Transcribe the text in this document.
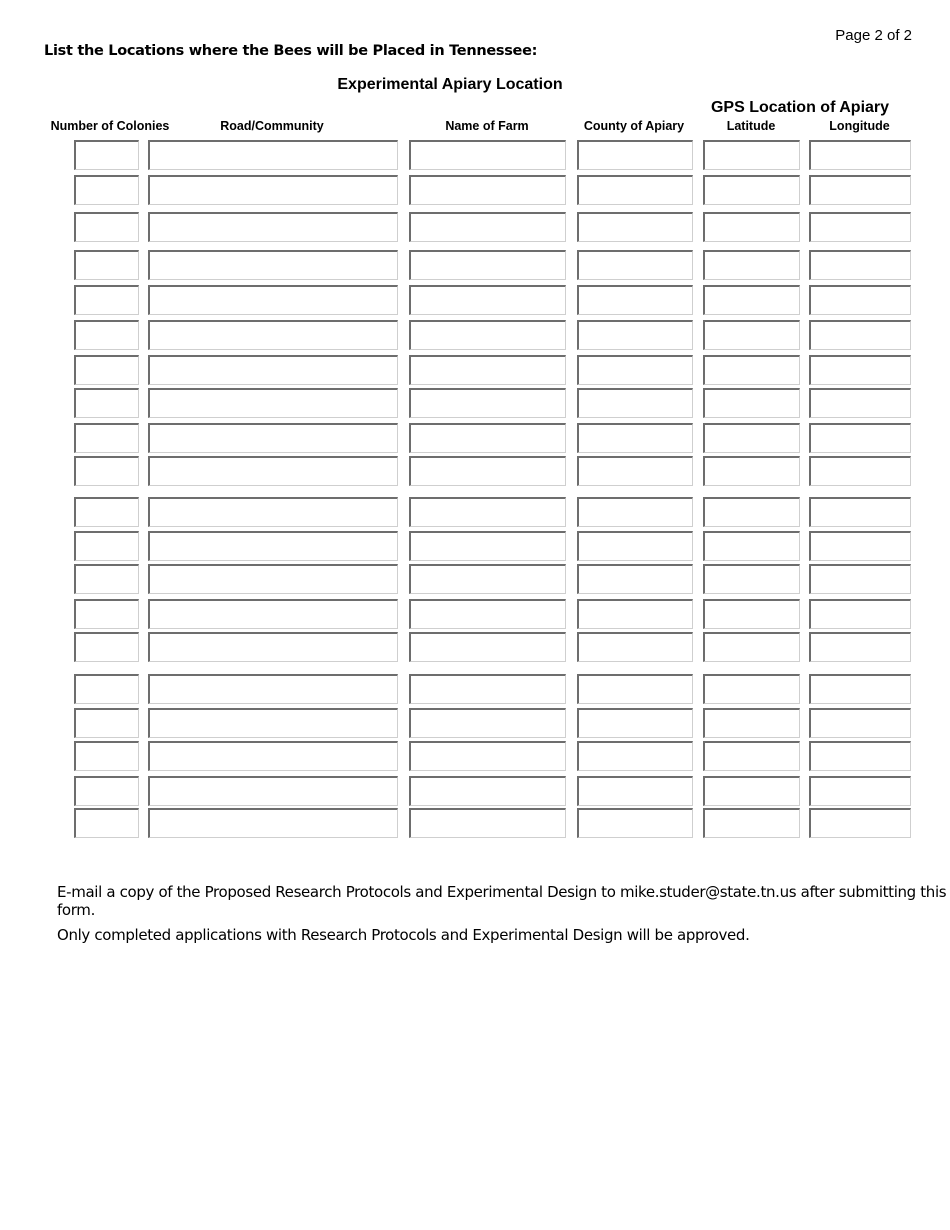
Page 2 of 2
List the Locations where the Bees will be Placed in Tennessee:
Experimental Apiary Location
GPS Location of Apiary
Number of Colonies	Road/Community	Name of Farm	County of Apiary	Latitude	Longitude
E-mail a copy of the Proposed Research Protocols and Experimental Design to mike.studer@state.tn.us after submitting this form.
Only completed applications with Research Protocols and Experimental Design will be approved.
